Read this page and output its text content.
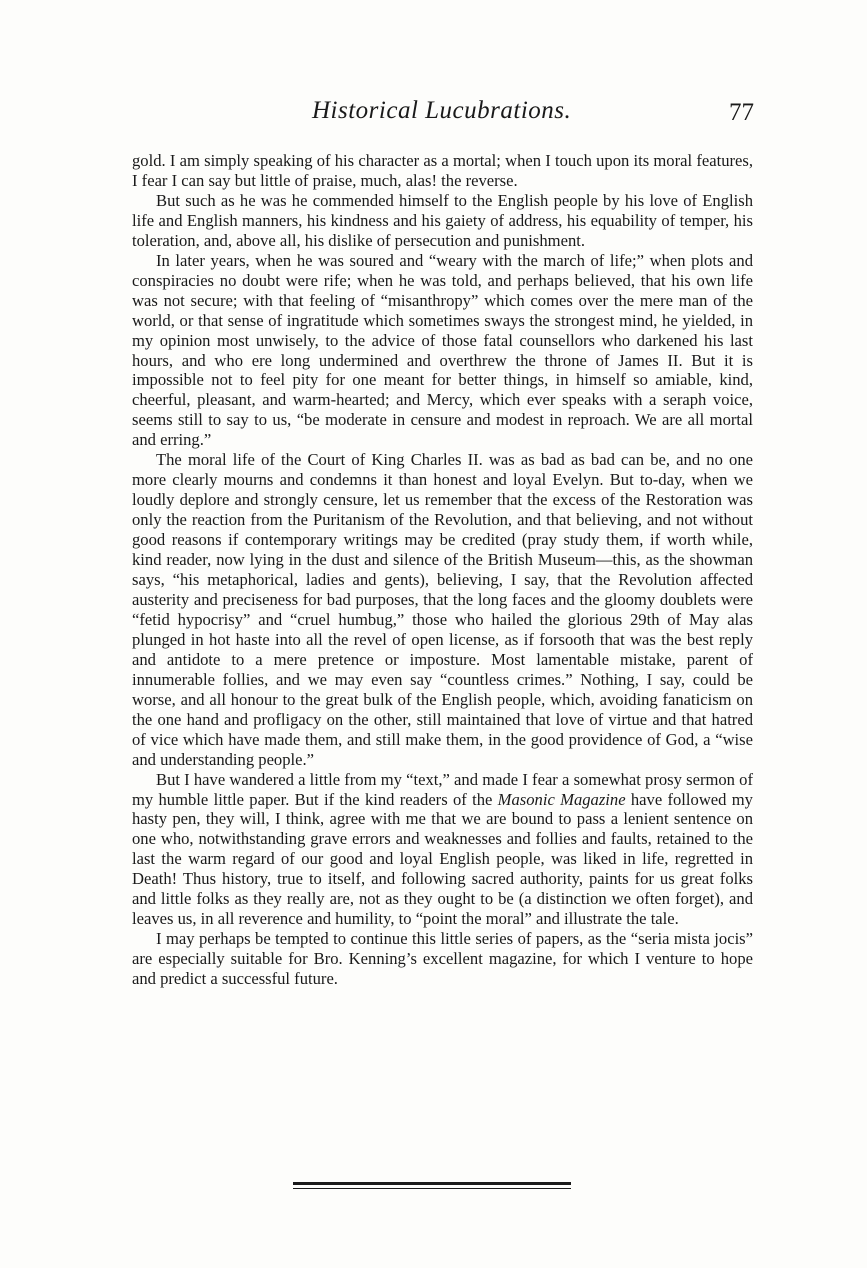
Historical Lucubrations.	77

gold. I am simply speaking of his character as a mortal; when I touch upon its moral features, I fear I can say but little of praise, much, alas! the reverse.

But such as he was he commended himself to the English people by his love of English life and English manners, his kindness and his gaiety of address, his equability of temper, his toleration, and, above all, his dislike of persecution and punishment.

In later years, when he was soured and “weary with the march of life;” when plots and conspiracies no doubt were rife; when he was told, and perhaps believed, that his own life was not secure; with that feeling of “misanthropy” which comes over the mere man of the world, or that sense of ingratitude which sometimes sways the strongest mind, he yielded, in my opinion most unwisely, to the advice of those fatal counsellors who darkened his last hours, and who ere long undermined and overthrew the throne of James II. But it is impossible not to feel pity for one meant for better things, in himself so amiable, kind, cheerful, pleasant, and warm-hearted; and Mercy, which ever speaks with a seraph voice, seems still to say to us, “be moderate in censure and modest in reproach. We are all mortal and erring.”

The moral life of the Court of King Charles II. was as bad as bad can be, and no one more clearly mourns and condemns it than honest and loyal Evelyn. But to-day, when we loudly deplore and strongly censure, let us remember that the excess of the Restoration was only the reaction from the Puritanism of the Revolution, and that believing, and not without good reasons if contemporary writings may be credited (pray study them, if worth while, kind reader, now lying in the dust and silence of the British Museum—this, as the showman says, “his metaphorical, ladies and gents), believing, I say, that the Revolution affected austerity and preciseness for bad purposes, that the long faces and the gloomy doublets were “fetid hypocrisy” and “cruel humbug,” those who hailed the glorious 29th of May alas plunged in hot haste into all the revel of open license, as if forsooth that was the best reply and antidote to a mere pretence or imposture. Most lamentable mistake, parent of innumerable follies, and we may even say “countless crimes.” Nothing, I say, could be worse, and all honour to the great bulk of the English people, which, avoiding fanaticism on the one hand and profligacy on the other, still maintained that love of virtue and that hatred of vice which have made them, and still make them, in the good providence of God, a “wise and understanding people.”

But I have wandered a little from my “text,” and made I fear a somewhat prosy sermon of my humble little paper. But if the kind readers of the Masonic Magazine have followed my hasty pen, they will, I think, agree with me that we are bound to pass a lenient sentence on one who, notwithstanding grave errors and weaknesses and follies and faults, retained to the last the warm regard of our good and loyal English people, was liked in life, regretted in Death! Thus history, true to itself, and following sacred authority, paints for us great folks and little folks as they really are, not as they ought to be (a distinction we often forget), and leaves us, in all reverence and humility, to “point the moral” and illustrate the tale.

I may perhaps be tempted to continue this little series of papers, as the “seria mista jocis” are especially suitable for Bro. Kenning’s excellent magazine, for which I venture to hope and predict a successful future.
